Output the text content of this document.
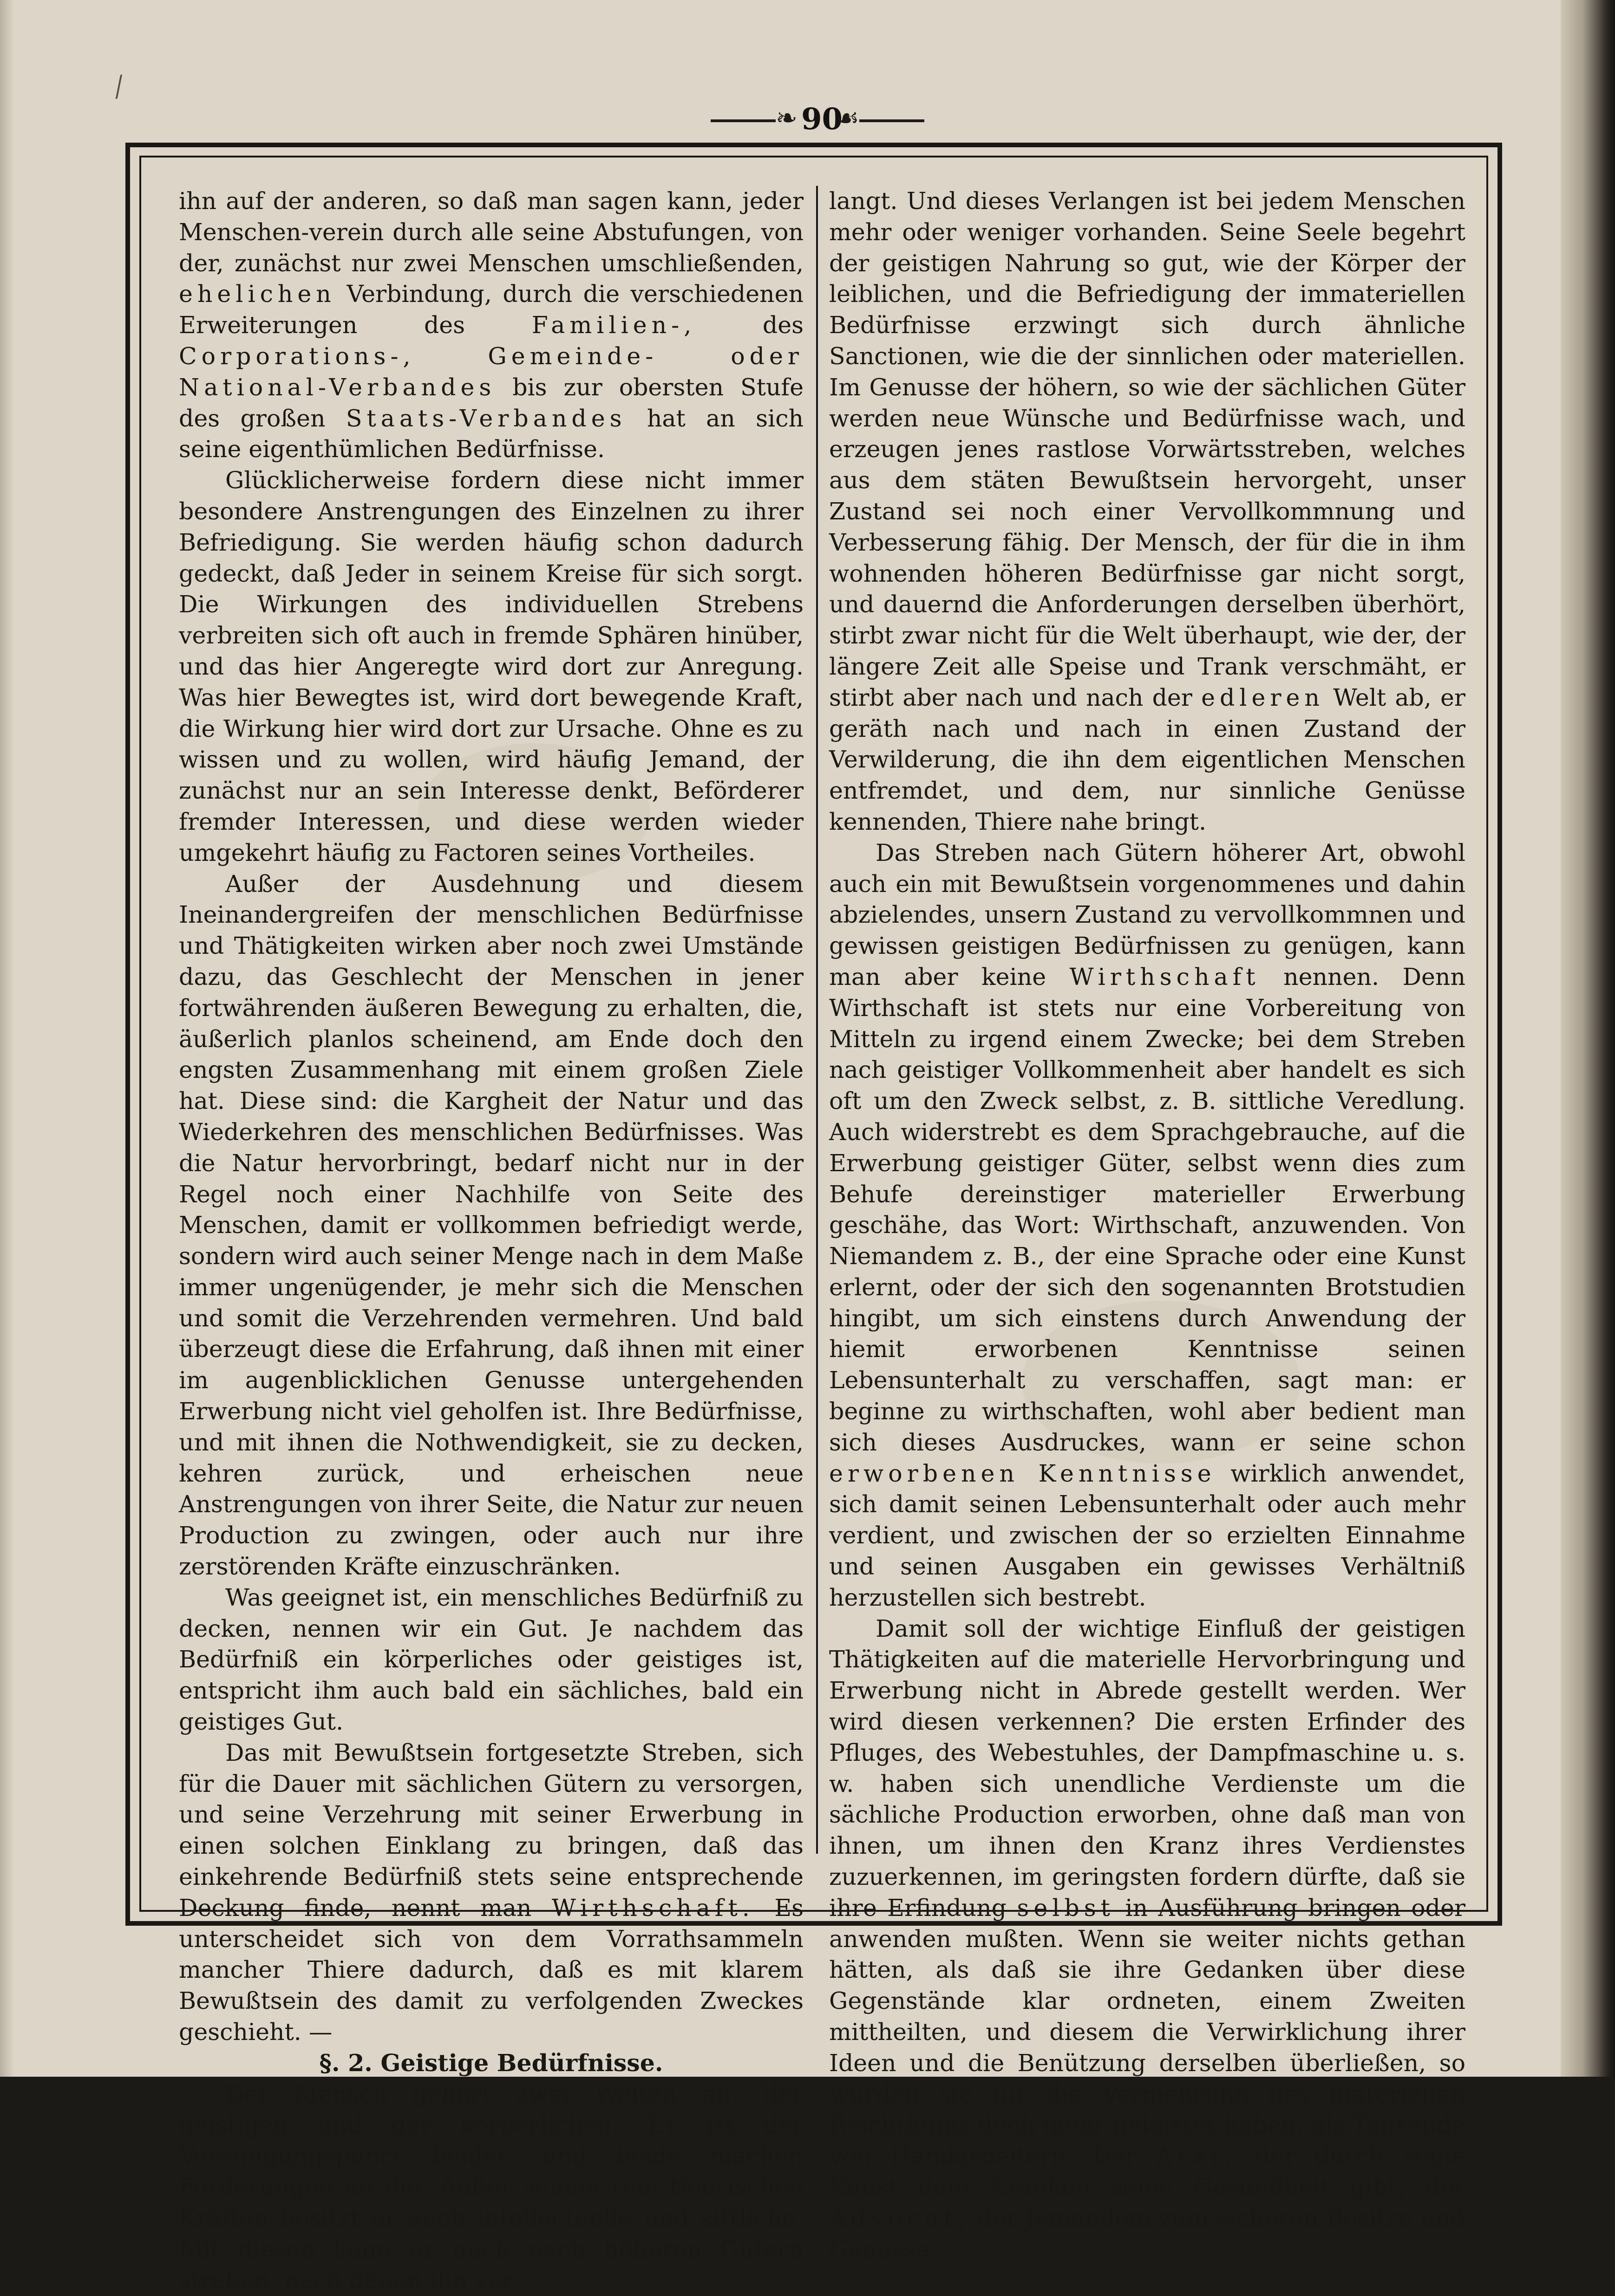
⁄
❧ 90
☙

ihn auf der anderen, so daß man sagen kann, jeder Menschen-verein durch alle seine Abstufungen, von der, zunächst nur zwei Menschen umschließenden, ehelichen Verbindung, durch die verschiedenen Erweiterungen des	Familien-,	des Corporations-, Gemeinde- oder National-Verbandes bis zur obersten Stufe des großen Staats-Verbandes hat an sich seine eigenthümlichen Bedürfnisse.

Glücklicherweise fordern diese nicht immer besondere Anstrengungen des Einzelnen zu ihrer Befriedigung. Sie werden häufig schon dadurch gedeckt, daß Jeder in seinem Kreise für sich sorgt. Die Wirkungen des individuellen Strebens verbreiten sich oft auch in fremde Sphären hinüber, und das hier Angeregte wird dort zur Anregung. Was hier Bewegtes ist, wird dort bewegende Kraft, die Wirkung hier wird dort zur Ursache. Ohne es zu wissen und zu wollen, wird häufig Jemand, der zunächst nur an sein Interesse denkt, Beförderer fremder Interessen, und diese werden wieder umgekehrt häufig zu Factoren seines Vortheiles.

Außer der Ausdehnung und diesem Ineinandergreifen der menschlichen Bedürfnisse und Thätigkeiten wirken aber noch zwei Umstände dazu, das Geschlecht der Menschen in jener fortwährenden äußeren Bewegung zu erhalten, die, äußerlich planlos scheinend, am Ende doch den engsten Zusammenhang mit einem großen Ziele hat. Diese sind: die Kargheit der Natur und das Wiederkehren des menschlichen Bedürfnisses. Was die Natur hervorbringt, bedarf nicht nur in der Regel noch einer Nachhilfe von Seite des Menschen, damit er vollkommen befriedigt werde, sondern wird auch seiner Menge nach in dem Maße immer ungenügender, je mehr sich die Menschen und somit die Verzehrenden vermehren. Und bald überzeugt diese die Erfahrung, daß ihnen mit einer im augenblicklichen Genusse untergehenden Erwerbung nicht viel geholfen ist. Ihre Bedürfnisse, und mit ihnen die Nothwendigkeit, sie zu decken, kehren zurück, und erheischen neue Anstrengungen von ihrer Seite, die Natur zur neuen Production zu zwingen, oder auch nur ihre zerstörenden Kräfte einzuschränken.

Was geeignet ist, ein menschliches Bedürfniß zu decken, nennen wir ein Gut. Je nachdem das Bedürfniß ein körperliches oder geistiges ist, entspricht ihm auch bald ein sächliches, bald ein geistiges Gut.

Das mit Bewußtsein fortgesetzte Streben, sich für die Dauer mit sächlichen Gütern zu versorgen, und seine Verzehrung mit seiner Erwerbung in einen solchen Einklang zu bringen, daß das einkehrende Bedürfniß stets seine entsprechende Deckung finde, nennt man Wirthschaft. Es unterscheidet sich von dem Vorrathsammeln mancher Thiere dadurch, daß es mit klarem Bewußtsein des damit zu verfolgenden Zweckes geschieht. —

§. 2. Geistige Bedürfnisse.

Der Mensch gehört zwei Welten an, der geistigen und der körperlichen. Er ist der Vereinigungspunct beider, und beide machen Forderungen an ihn. Außer seinen rein thierischen Kräften besitzt er auch intellectuelle und sittliche. Mit diesen kann er auch nach höheren Gütern streben, nach denen ihn ver-

langt. Und dieses Verlangen ist bei jedem Menschen mehr oder weniger vorhanden. Seine Seele begehrt der geistigen Nahrung so gut, wie der Körper der leiblichen, und die Befriedigung der immateriellen Bedürfnisse erzwingt sich durch ähnliche Sanctionen, wie die der sinnlichen oder materiellen. Im Genusse der höhern, so wie der sächlichen Güter werden neue Wünsche und Bedürfnisse wach, und erzeugen jenes rastlose Vorwärtsstreben, welches aus dem stäten Bewußtsein hervorgeht, unser Zustand sei noch einer Vervollkommnung und Verbesserung fähig. Der Mensch, der für die in ihm wohnenden höheren Bedürfnisse gar nicht sorgt, und dauernd die Anforderungen derselben überhört, stirbt zwar nicht für die Welt überhaupt, wie der, der längere Zeit alle Speise und Trank verschmäht, er stirbt aber nach und nach der edleren Welt ab, er geräth nach und nach in einen Zustand der Verwilderung, die ihn dem eigentlichen Menschen entfremdet, und dem, nur sinnliche Genüsse kennenden, Thiere nahe bringt.

Das Streben nach Gütern höherer Art, obwohl auch ein mit Bewußtsein vorgenommenes und dahin abzielendes, unsern Zustand zu vervollkommnen und gewissen geistigen Bedürfnissen zu genügen, kann man aber keine Wirthschaft nennen. Denn Wirthschaft ist stets nur eine Vorbereitung von Mitteln zu irgend einem Zwecke; bei dem Streben nach geistiger Vollkommenheit aber handelt es sich oft um den Zweck selbst, z. B. sittliche Veredlung. Auch widerstrebt es dem Sprachgebrauche, auf die Erwerbung geistiger Güter, selbst wenn dies zum Behufe dereinstiger materieller Erwerbung geschähe, das Wort: Wirthschaft, anzuwenden. Von Niemandem z. B., der eine Sprache oder eine Kunst erlernt, oder der sich den sogenannten Brotstudien hingibt, um sich einstens durch Anwendung der hiemit erworbenen Kenntnisse seinen Lebensunterhalt zu verschaffen, sagt man: er beginne zu wirthschaften, wohl aber bedient man sich dieses Ausdruckes, wann er seine schon erworbenen Kenntnisse wirklich anwendet, sich damit seinen Lebensunterhalt oder auch mehr verdient, und zwischen der so erzielten Einnahme und seinen Ausgaben ein gewisses Verhältniß herzustellen sich bestrebt.

Damit soll der wichtige Einfluß der geistigen Thätigkeiten auf die materielle Hervorbringung und Erwerbung nicht in Abrede gestellt werden. Wer wird diesen verkennen? Die ersten Erfinder des Pfluges, des Webestuhles, der Dampfmaschine u. s. w. haben sich unendliche Verdienste um die sächliche Production erworben, ohne daß man von ihnen, um ihnen den Kranz ihres Verdienstes zuzuerkennen, im geringsten fordern dürfte, daß sie ihre Erfindung selbst in Ausführung bringen oder anwenden mußten. Wenn sie weiter nichts gethan hätten, als daß sie ihre Gedanken über diese Gegenstände klar ordneten, einem Zweiten mittheilten, und diesem die Verwirklichung ihrer Ideen und die Benützung derselben überließen, so würden sie für die Vermehrung des materiellen Reichthums doch mehr geleistet haben, als Tausende von Handarbeitern. Der Arzt, der durch seine Kunst dem Kranken seine Gesundheit gibt; der Advocat, der Jemandem zum sicheren Besitze und Genusse
